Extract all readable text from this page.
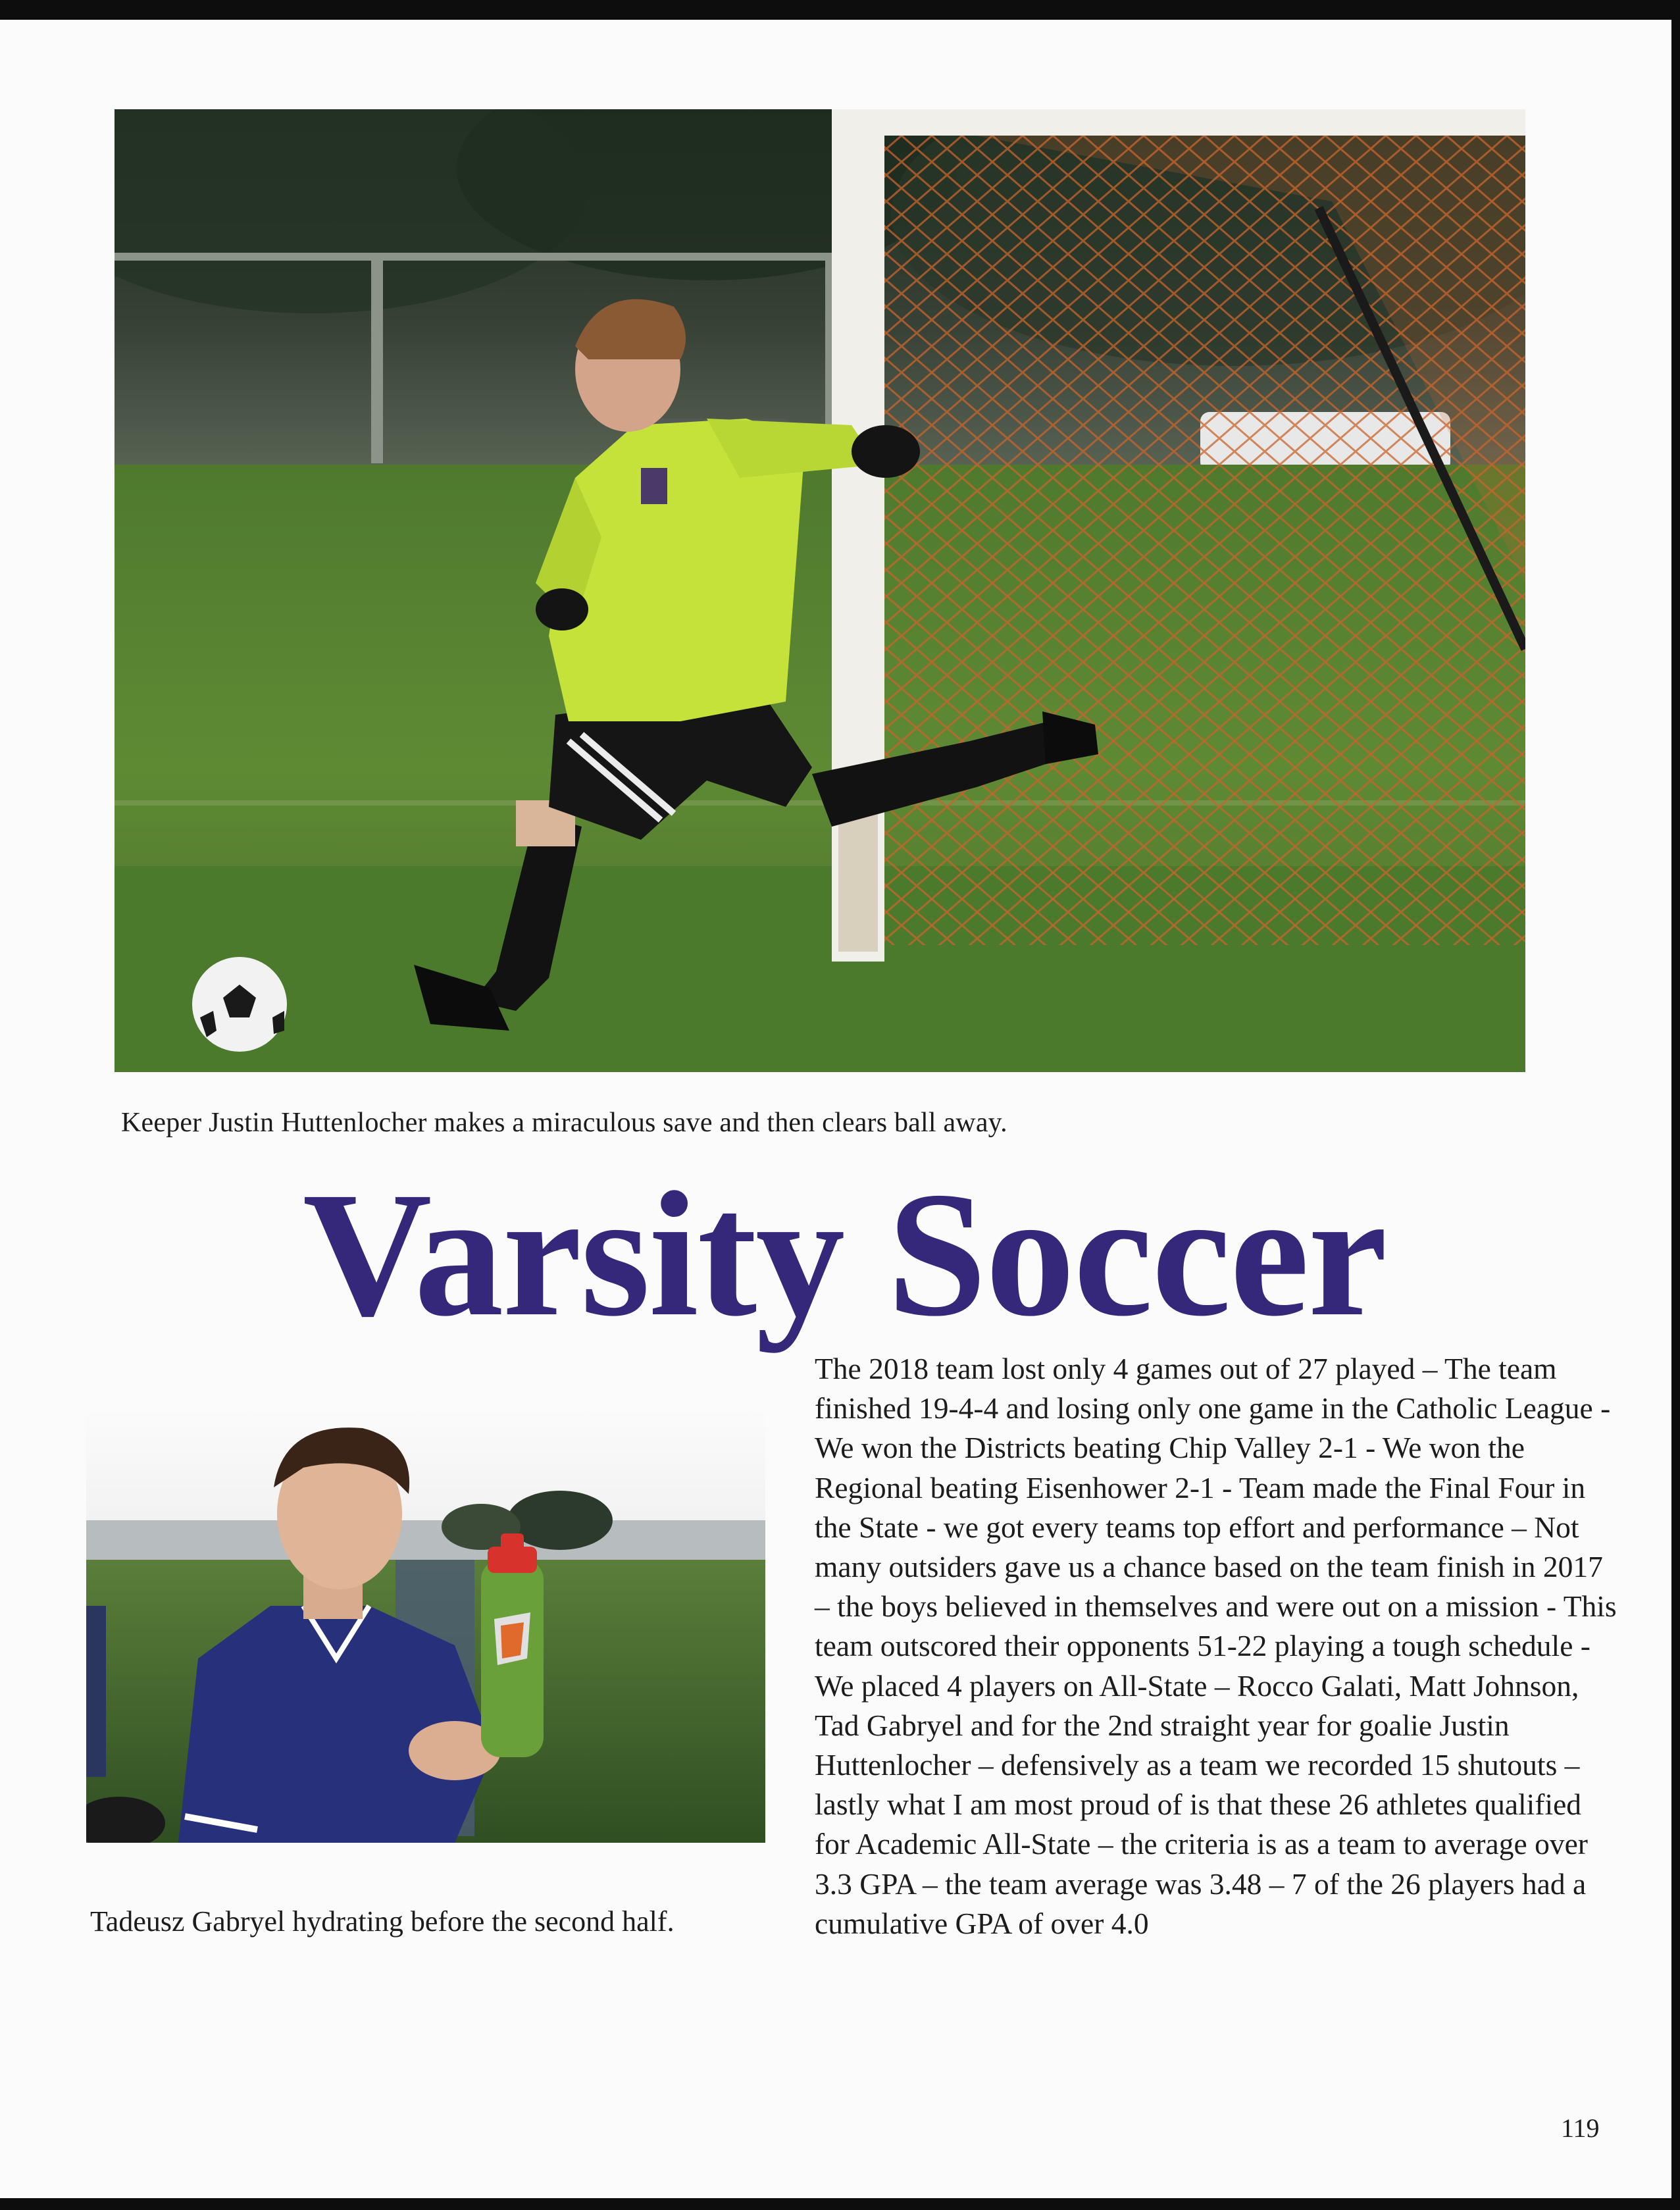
Keeper Justin Huttenlocher makes a miraculous save and then clears ball away.
Varsity Soccer
Tadeusz Gabryel hydrating before the second half.
The 2018 team lost only 4 games out of 27 played – The team finished 19-4-4 and losing only one game in the Catholic League - We won the Districts beating Chip Valley 2-1 - We won the Regional beating Eisenhower 2-1 - Team made the Final Four in the State - we got every teams top effort and performance – Not many outsiders gave us a chance based on the team finish in 2017 – the boys believed in themselves and were out on a mission - This team outscored their opponents 51-22 playing a tough schedule - We placed 4 players on All-State – Rocco Galati, Matt Johnson, Tad Gabryel and for the 2nd straight year for goalie Justin Huttenlocher – defensively as a team we recorded 15 shutouts – lastly what I am most proud of is that these 26 athletes qualified for Academic All-State – the criteria is as a team to average over 3.3 GPA – the team average was 3.48 – 7 of the 26 players had a cumulative GPA of over 4.0
119
